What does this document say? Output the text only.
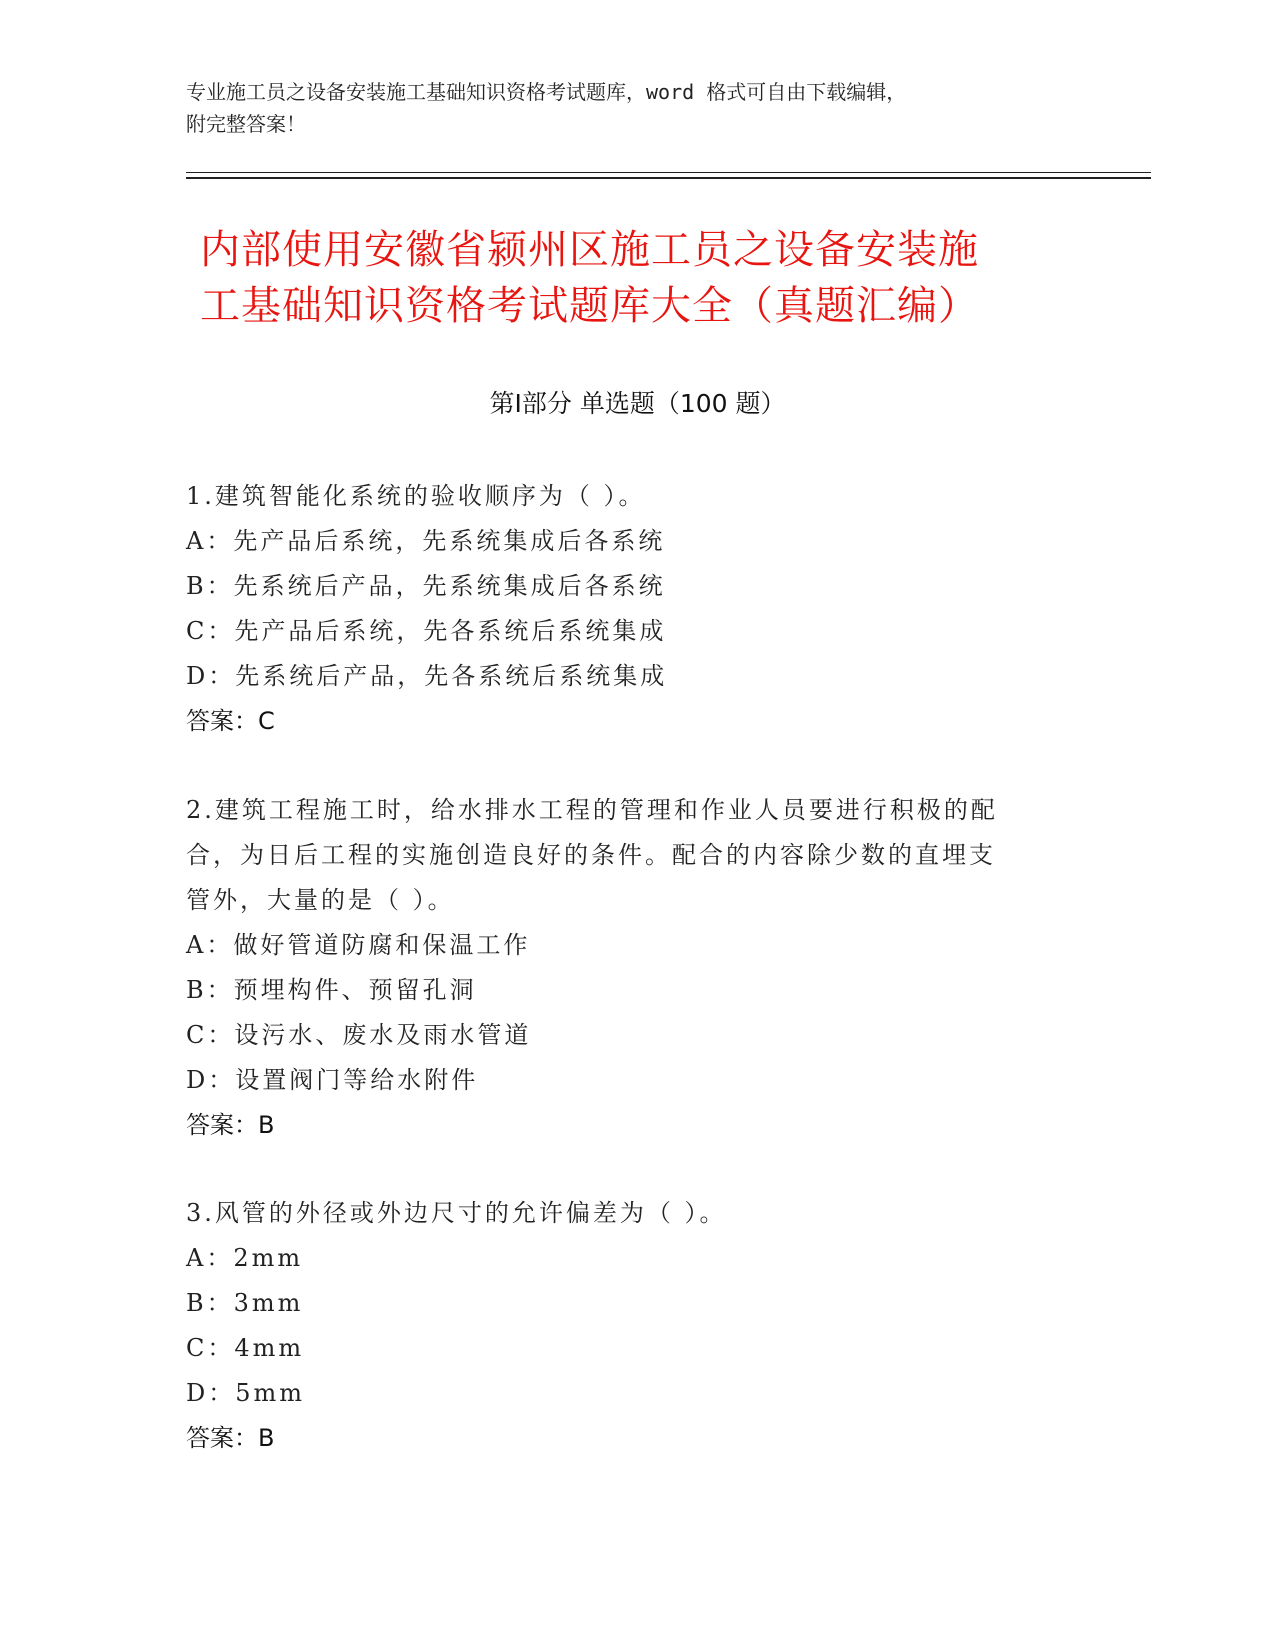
专业施工员之设备安装施工基础知识资格考试题库，word 格式可自由下载编辑，
附完整答案！
内部使用安徽省颍州区施工员之设备安装施
工基础知识资格考试题库大全（真题汇编）
第Ⅰ部分 单选题（100 题）
1.建筑智能化系统的验收顺序为（ ）。
A：先产品后系统，先系统集成后各系统
B：先系统后产品，先系统集成后各系统
C：先产品后系统，先各系统后系统集成
D：先系统后产品，先各系统后系统集成
答案：C
2.建筑工程施工时，给水排水工程的管理和作业人员要进行积极的配
合，为日后工程的实施创造良好的条件。配合的内容除少数的直埋支
管外，大量的是（ ）。
A：做好管道防腐和保温工作
B：预埋构件、预留孔洞
C：设污水、废水及雨水管道
D：设置阀门等给水附件
答案：B
3.风管的外径或外边尺寸的允许偏差为（ ）。
A：2mm
B：3mm
C：4mm
D：5mm
答案：B
